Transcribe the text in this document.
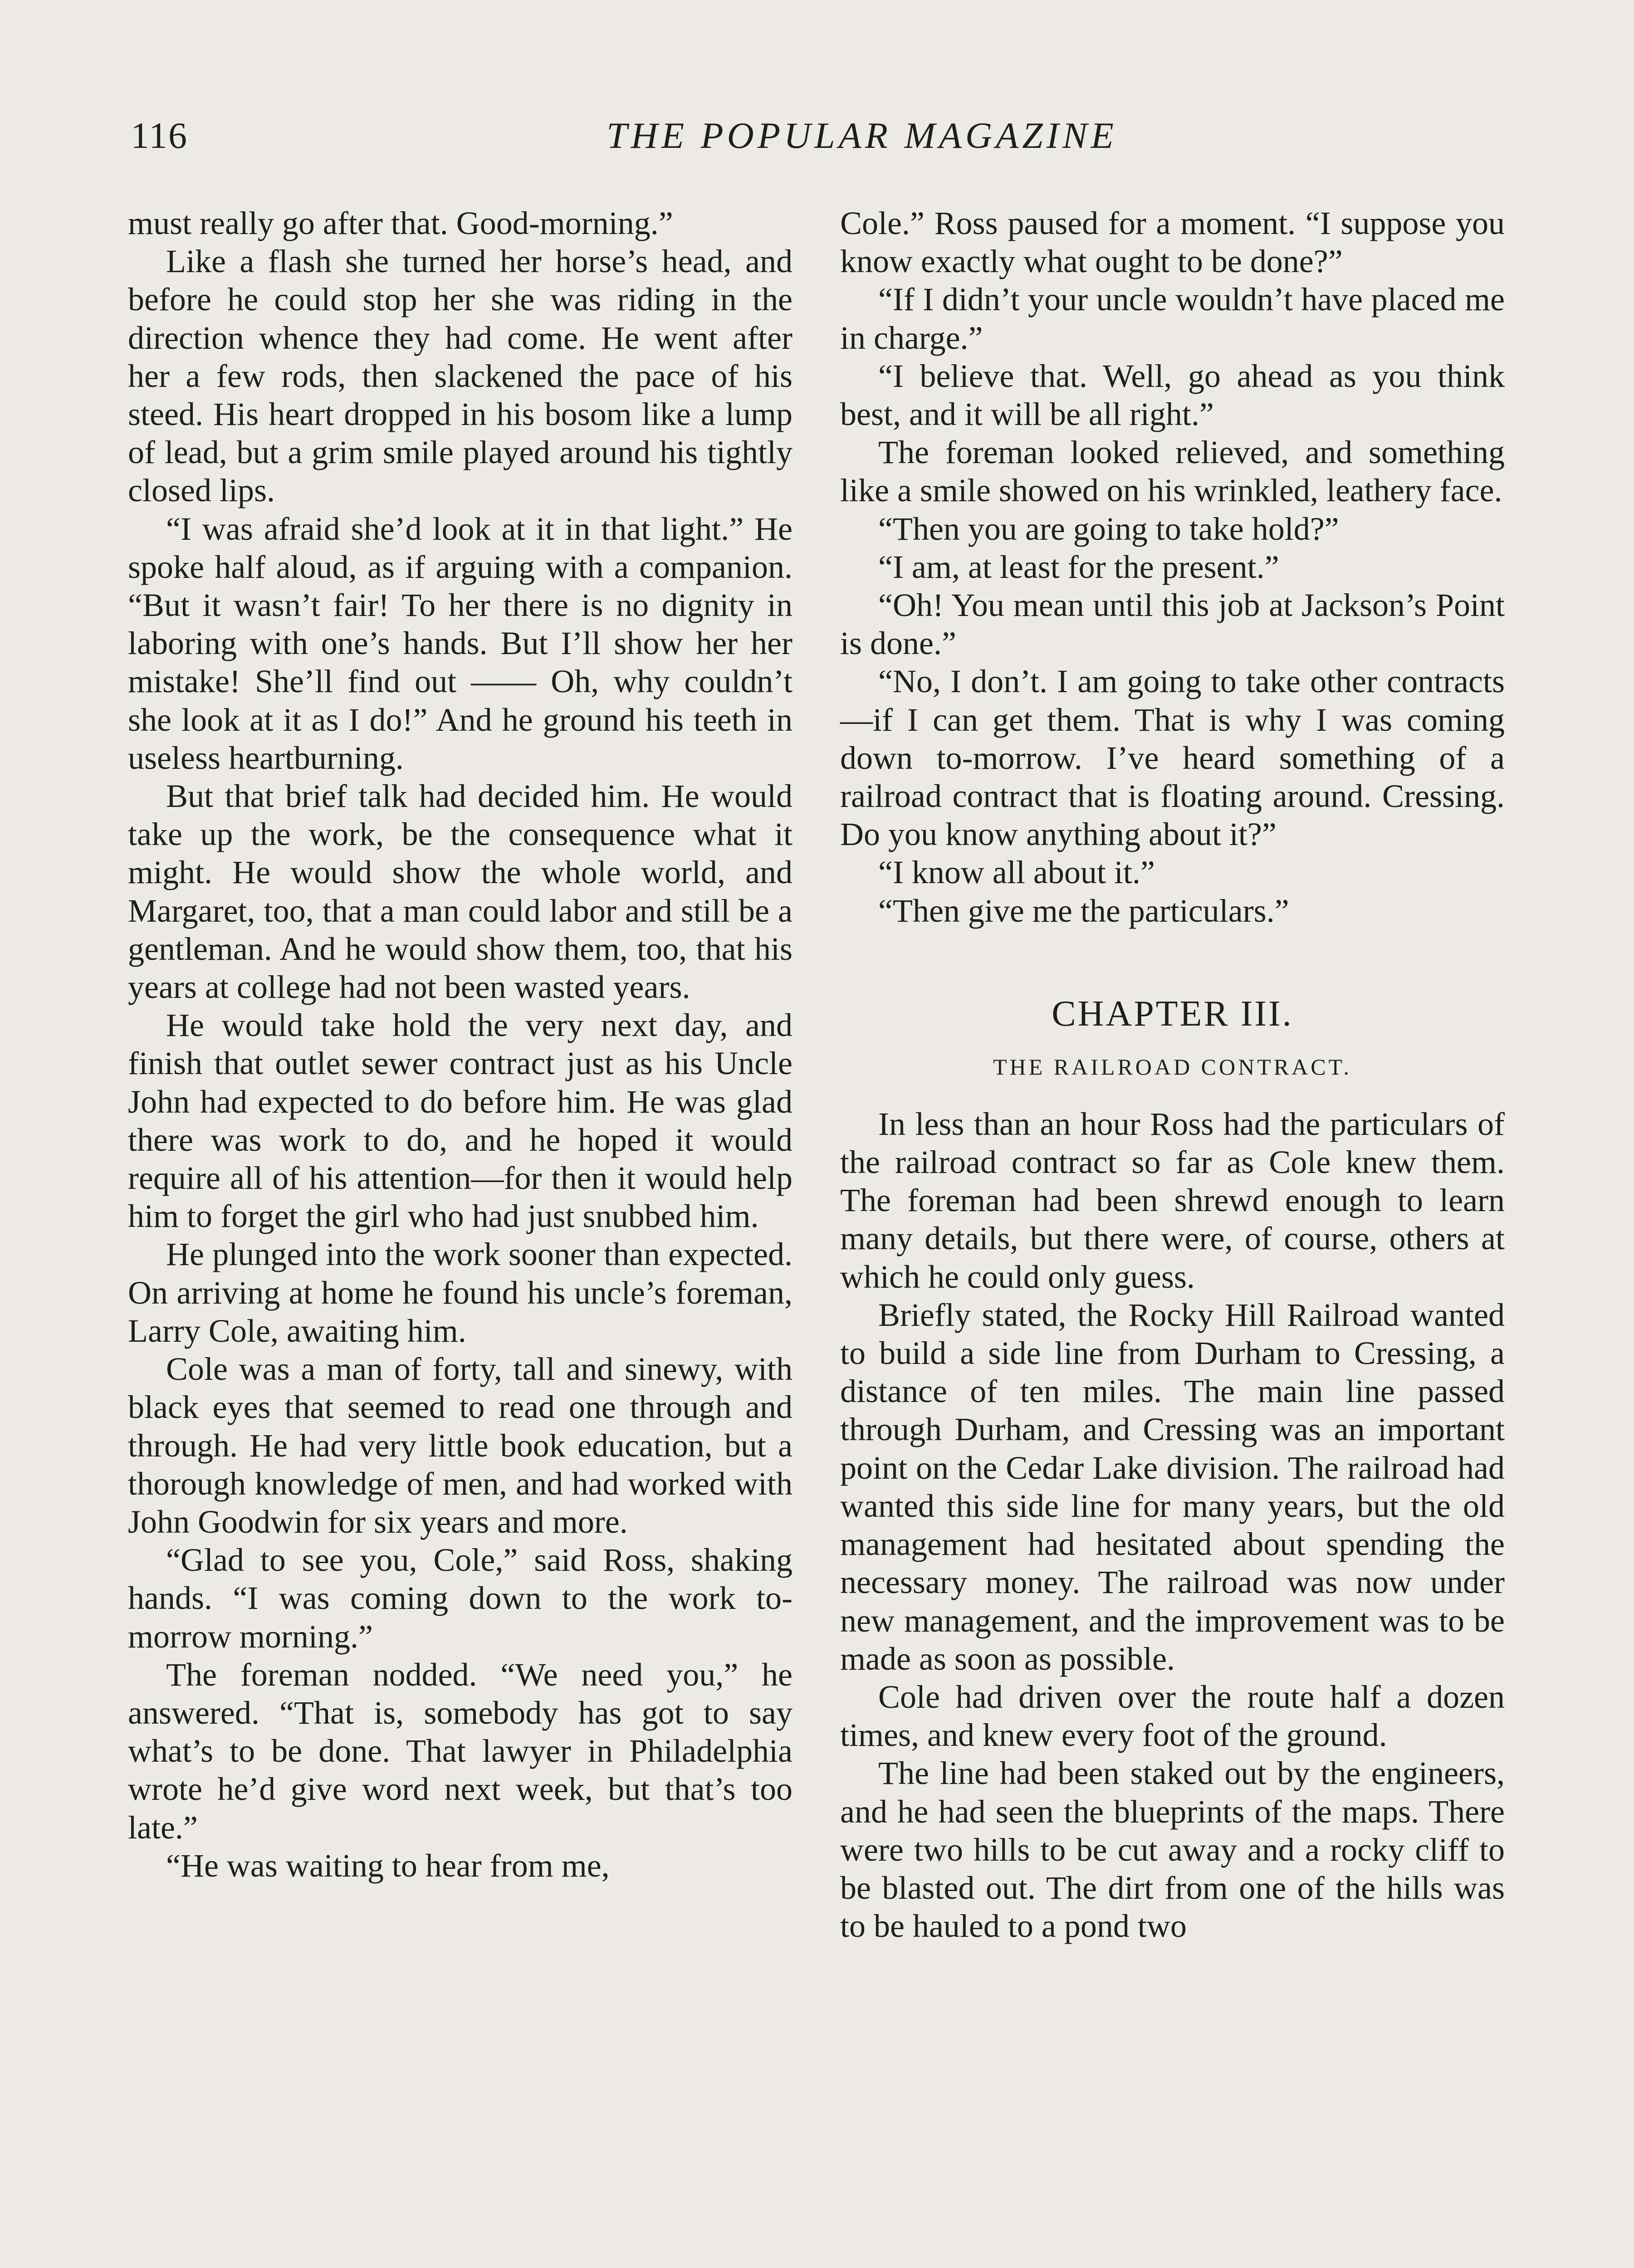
116	THE POPULAR MAGAZINE

must really go after that. Good-morning.”

Like a flash she turned her horse’s head, and before he could stop her she was riding in the direction whence they had come. He went after her a few rods, then slackened the pace of his steed. His heart dropped in his bosom like a lump of lead, but a grim smile played around his tightly closed lips.

“I was afraid she’d look at it in that light.” He spoke half aloud, as if arguing with a companion. “But it wasn’t fair! To her there is no dignity in laboring with one’s hands. But I’ll show her her mistake! She’ll find out —— Oh, why couldn’t she look at it as I do!” And he ground his teeth in useless heartburning.

But that brief talk had decided him. He would take up the work, be the consequence what it might. He would show the whole world, and Margaret, too, that a man could labor and still be a gentleman. And he would show them, too, that his years at college had not been wasted years.

He would take hold the very next day, and finish that outlet sewer contract just as his Uncle John had expected to do before him. He was glad there was work to do, and he hoped it would require all of his attention—for then it would help him to forget the girl who had just snubbed him.

He plunged into the work sooner than expected. On arriving at home he found his uncle’s foreman, Larry Cole, awaiting him.

Cole was a man of forty, tall and sinewy, with black eyes that seemed to read one through and through. He had very little book education, but a thorough knowledge of men, and had worked with John Goodwin for six years and more.

“Glad to see you, Cole,” said Ross, shaking hands. “I was coming down to the work to-morrow morning.”

The foreman nodded. “We need you,” he answered. “That is, somebody has got to say what’s to be done. That lawyer in Philadelphia wrote he’d give word next week, but that’s too late.”

“He was waiting to hear from me,

Cole.” Ross paused for a moment. “I suppose you know exactly what ought to be done?”

“If I didn’t your uncle wouldn’t have placed me in charge.”

“I believe that. Well, go ahead as you think best, and it will be all right.”

The foreman looked relieved, and something like a smile showed on his wrinkled, leathery face.

“Then you are going to take hold?”

“I am, at least for the present.”

“Oh! You mean until this job at Jackson’s Point is done.”

“No, I don’t. I am going to take other contracts—if I can get them. That is why I was coming down to-morrow. I’ve heard something of a railroad contract that is floating around. Cressing. Do you know anything about it?”

“I know all about it.”

“Then give me the particulars.”

CHAPTER III.
THE RAILROAD CONTRACT.

In less than an hour Ross had the particulars of the railroad contract so far as Cole knew them. The foreman had been shrewd enough to learn many details, but there were, of course, others at which he could only guess.

Briefly stated, the Rocky Hill Railroad wanted to build a side line from Durham to Cressing, a distance of ten miles. The main line passed through Durham, and Cressing was an important point on the Cedar Lake division. The railroad had wanted this side line for many years, but the old management had hesitated about spending the necessary money. The railroad was now under new management, and the improvement was to be made as soon as possible.

Cole had driven over the route half a dozen times, and knew every foot of the ground.

The line had been staked out by the engineers, and he had seen the blueprints of the maps. There were two hills to be cut away and a rocky cliff to be blasted out. The dirt from one of the hills was to be hauled to a pond two
